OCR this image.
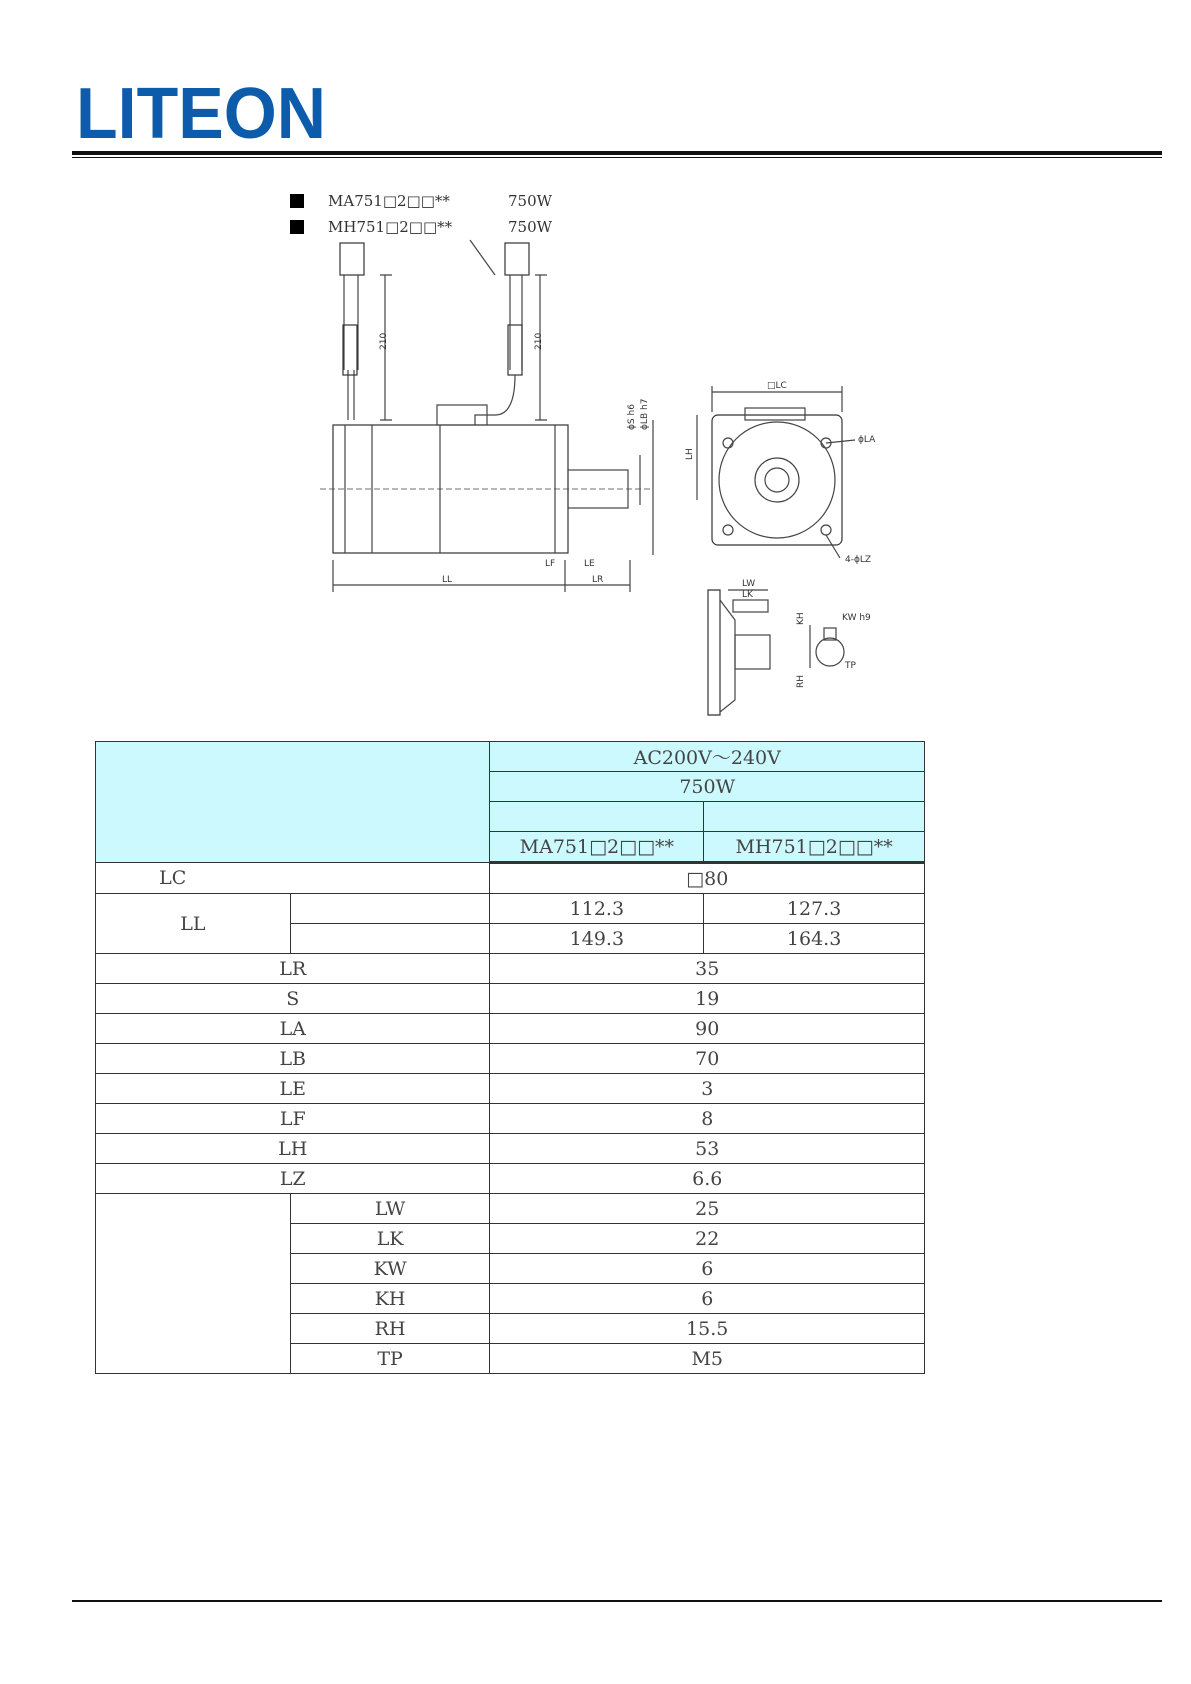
LITEON
MA751□2□□**	750W
MH751□2□□**	750W
210	210
LL	LR
LF	LE
ϕS h6 ϕLB h7
□LC
LH
ϕLA
4-ϕLZ
LW
LK
KH
RH
KW h9
TP
		AC200V～240V	
		750W	

		MA751□2□□**	MH751□2□□**
LC		□80	
LL		112.3	127.3
		149.3	164.3
LR		35	
S		19	
LA		90	
LB		70	
LE		3	
LF		8	
LH		53	
LZ		6.6	
	LW	25	
	LK	22	
	KW	6	
	KH	6	
	RH	15.5	
	TP	M5	
